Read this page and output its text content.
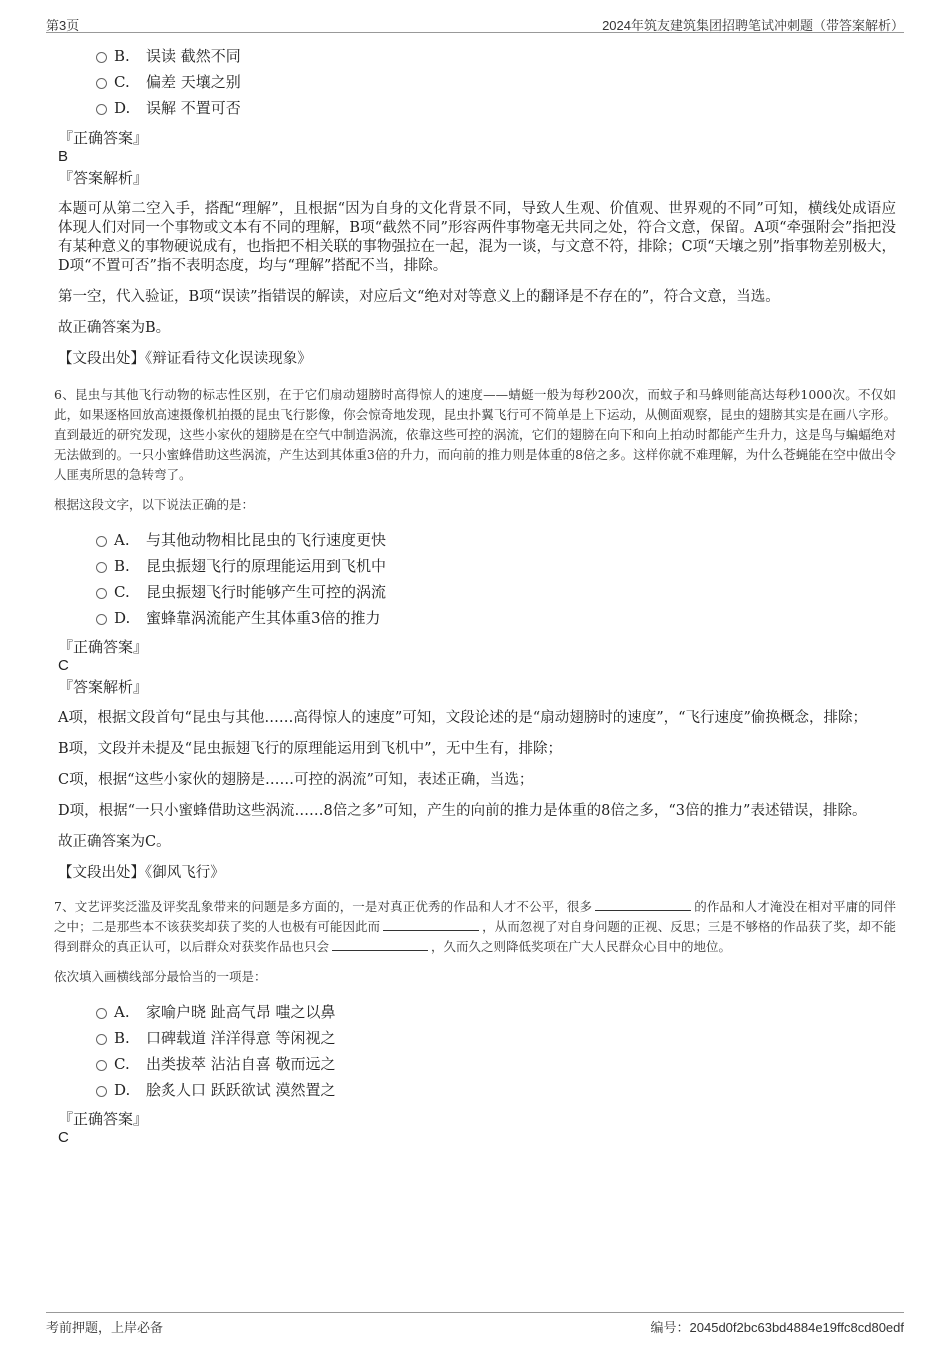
第3页	2024年筑友建筑集团招聘笔试冲刺题（带答案解析）
B. 误读 截然不同
C. 偏差 天壤之别
D. 误解 不置可否
『正确答案』
B
『答案解析』

本题可从第二空入手，搭配“理解”，且根据“因为自身的文化背景不同，导致人生观、价值观、世界观的不同”可知，横线处成语应体现人们对同一个事物或文本有不同的理解，B项“截然不同”形容两件事物毫无共同之处，符合文意，保留。A项“牵强附会”指把没有某种意义的事物硬说成有，也指把不相关联的事物强拉在一起，混为一谈，与文意不符，排除；C项“天壤之别”指事物差别极大，D项“不置可否”指不表明态度，均与“理解”搭配不当，排除。

第一空，代入验证，B项“误读”指错误的解读，对应后文“绝对对等意义上的翻译是不存在的”，符合文意，当选。

故正确答案为B。

【文段出处】《辩证看待文化误读现象》

6、昆虫与其他飞行动物的标志性区别，在于它们扇动翅膀时高得惊人的速度——蜻蜓一般为每秒200次，而蚊子和马蜂则能高达每秒1000次。不仅如此，如果逐格回放高速摄像机拍摄的昆虫飞行影像，你会惊奇地发现，昆虫扑翼飞行可不简单是上下运动，从侧面观察，昆虫的翅膀其实是在画八字形。直到最近的研究发现，这些小家伙的翅膀是在空气中制造涡流，依靠这些可控的涡流，它们的翅膀在向下和向上拍动时都能产生升力，这是鸟与蝙蝠绝对无法做到的。一只小蜜蜂借助这些涡流，产生达到其体重3倍的升力，而向前的推力则是体重的8倍之多。这样你就不难理解，为什么苍蝇能在空中做出令人匪夷所思的急转弯了。

根据这段文字，以下说法正确的是：

A. 与其他动物相比昆虫的飞行速度更快
B. 昆虫振翅飞行的原理能运用到飞机中
C. 昆虫振翅飞行时能够产生可控的涡流
D. 蜜蜂靠涡流能产生其体重3倍的推力
『正确答案』
C
『答案解析』

A项，根据文段首句“昆虫与其他……高得惊人的速度”可知，文段论述的是“扇动翅膀时的速度”，“飞行速度”偷换概念，排除；

B项，文段并未提及“昆虫振翅飞行的原理能运用到飞机中”，无中生有，排除；

C项，根据“这些小家伙的翅膀是……可控的涡流”可知，表述正确，当选；

D项，根据“一只小蜜蜂借助这些涡流……8倍之多”可知，产生的向前的推力是体重的8倍之多，“3倍的推力”表述错误，排除。

故正确答案为C。

【文段出处】《御风飞行》

7、文艺评奖泛滥及评奖乱象带来的问题是多方面的，一是对真正优秀的作品和人才不公平，很多	的作品和人才淹没在相对平庸的同伴之中；二是那些本不该获奖却获了奖的人也极有可能因此而	，从而忽视了对自身问题的正视、反思；三是不够格的作品获了奖，却不能得到群众的真正认可，以后群众对获奖作品也只会	，久而久之则降低奖项在广大人民群众心目中的地位。

依次填入画横线部分最恰当的一项是：

A. 家喻户晓 趾高气昂 嗤之以鼻
B. 口碑载道 洋洋得意 等闲视之
C. 出类拔萃 沾沾自喜 敬而远之
D. 脍炙人口 跃跃欲试 漠然置之
『正确答案』
C
考前押题，上岸必备	编号：2045d0f2bc63bd4884e19ffc8cd80edf
